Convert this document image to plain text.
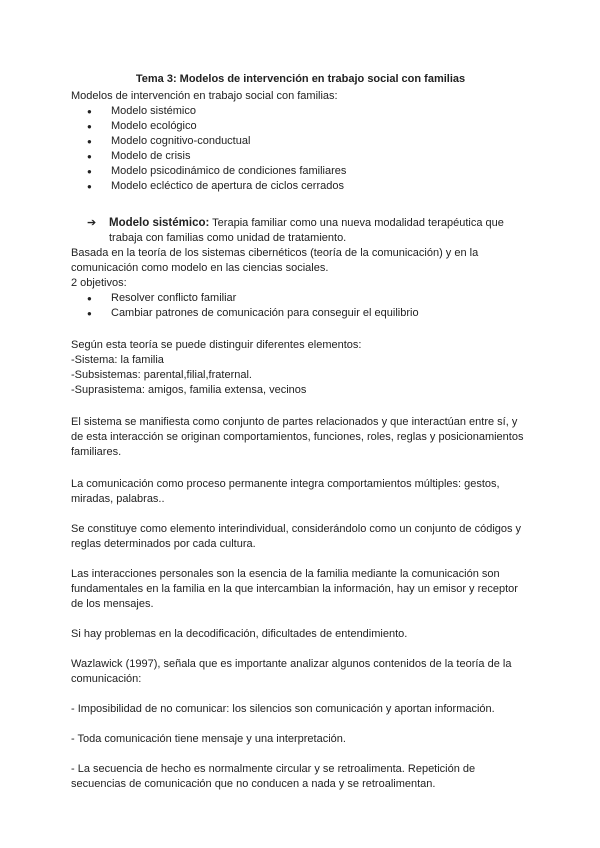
Tema 3: Modelos de intervención en trabajo social con familias

Modelos de intervención en trabajo social con familias:

● Modelo sistémico
● Modelo ecológico
● Modelo cognitivo-conductual
● Modelo de crisis
● Modelo psicodinámico de condiciones familiares
● Modelo ecléctico de apertura de ciclos cerrados
➔ Modelo sistémico: Terapia familiar como una nueva modalidad terapéutica que trabaja con familias como unidad de tratamiento.

Basada en la teoría de los sistemas cibernéticos (teoría de la comunicación) y en la comunicación como modelo en las ciencias sociales.

2 objetivos:

● Resolver conflicto familiar
● Cambiar patrones de comunicación para conseguir el equilibrio

Según esta teoría se puede distinguir diferentes elementos:

-Sistema: la familia

-Subsistemas: parental,filial,fraternal.

-Suprasistema: amigos, familia extensa, vecinos

El sistema se manifiesta como conjunto de partes relacionados y que interactúan entre sí, y de esta interacción se originan comportamientos, funciones, roles, reglas y posicionamientos familiares.

La comunicación como proceso permanente integra comportamientos múltiples: gestos, miradas, palabras..

Se constituye como elemento interindividual, considerándolo como un conjunto de códigos y reglas determinados por cada cultura.

Las interacciones personales son la esencia de la familia mediante la comunicación son fundamentales en la familia en la que intercambian la información, hay un emisor y receptor de los mensajes.

Si hay problemas en la decodificación, dificultades de entendimiento.

Wazlawick (1997), señala que es importante analizar algunos contenidos de la teoría de la comunicación:

- Imposibilidad de no comunicar: los silencios son comunicación y aportan información.

- Toda comunicación tiene mensaje y una interpretación.

- La secuencia de hecho es normalmente circular y se retroalimenta. Repetición de secuencias de comunicación que no conducen a nada y se retroalimentan.
